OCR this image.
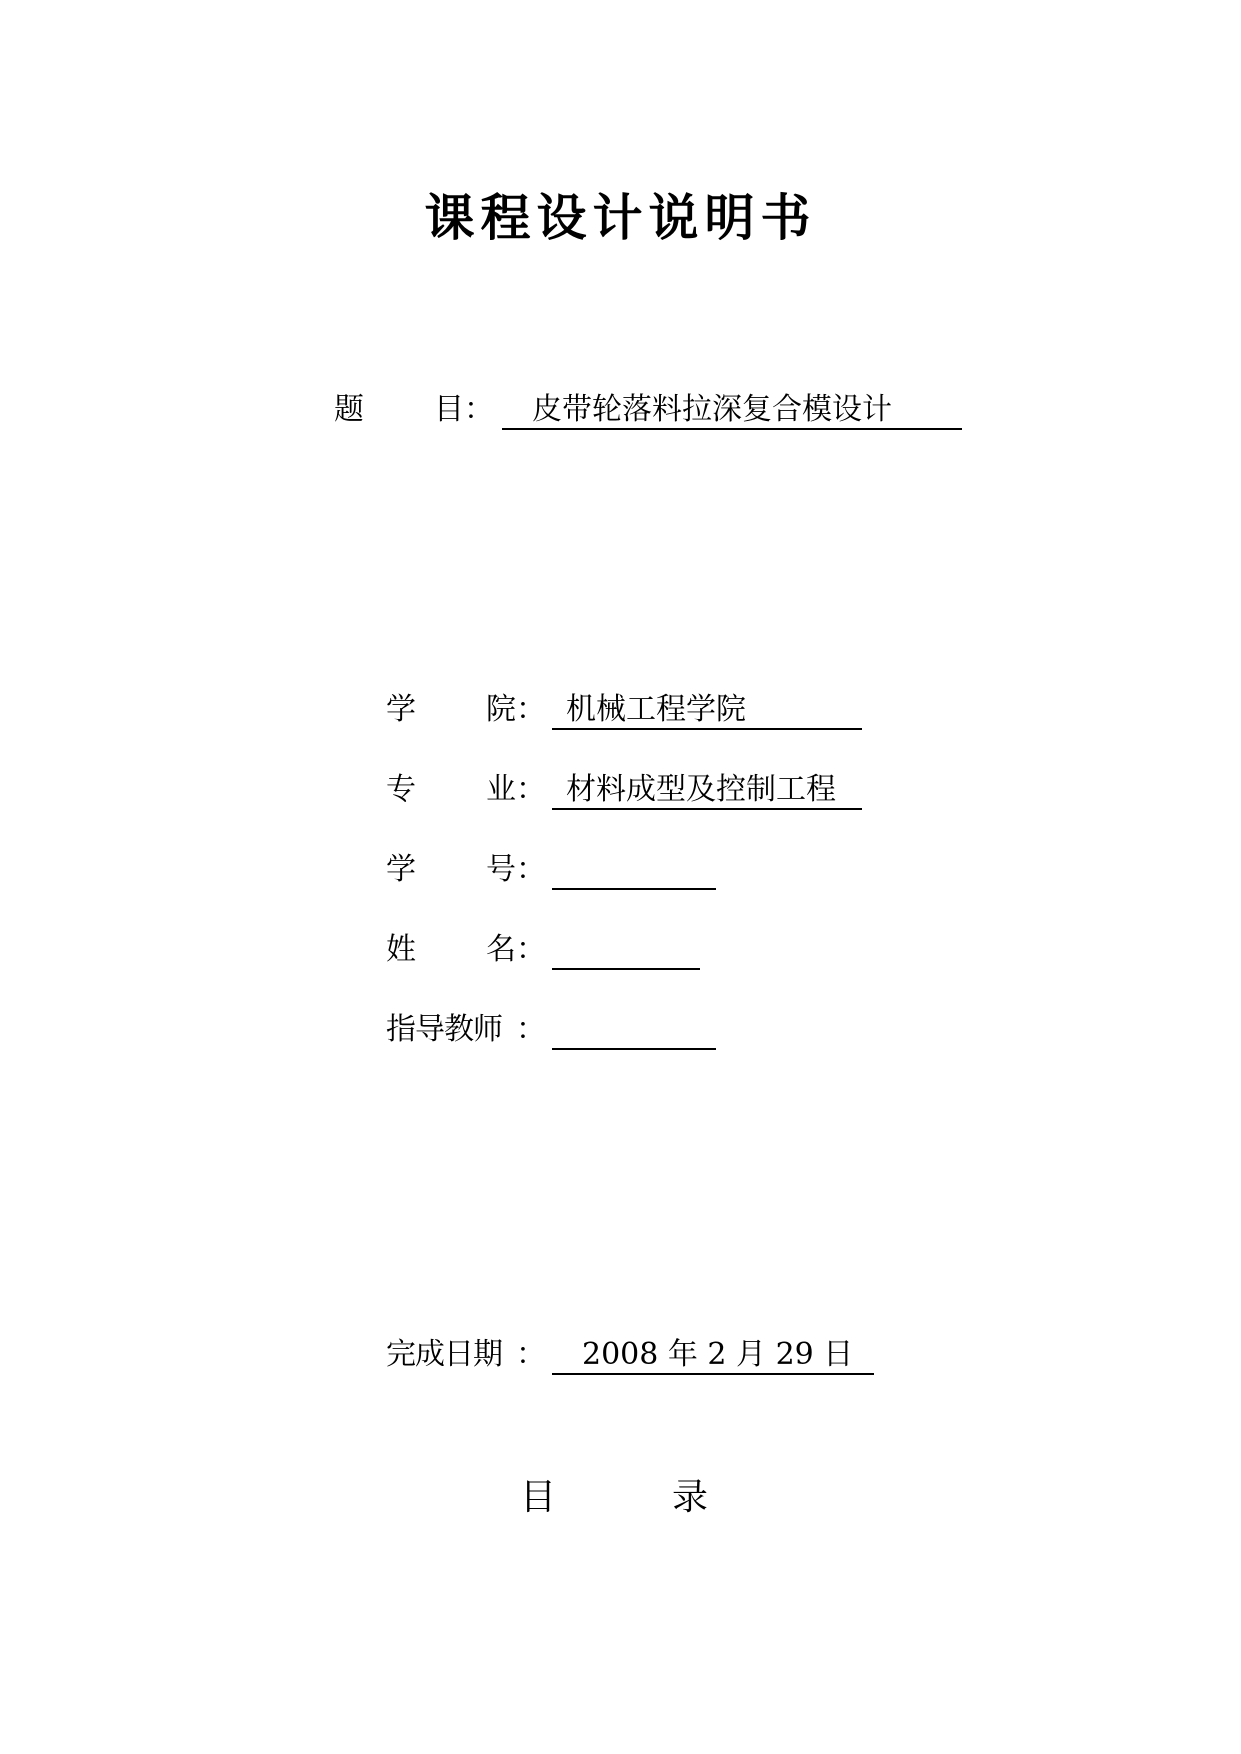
课程设计说明书
题 目 ：	皮带轮落料拉深复合模设计
学 院 ： 机械工程学院
专 业 ： 材料成型及控制工程
学 号 ：
姓 名 ：
指导教师 ：
完成日期 ：	2008 年 2 月 29 日
目	录
